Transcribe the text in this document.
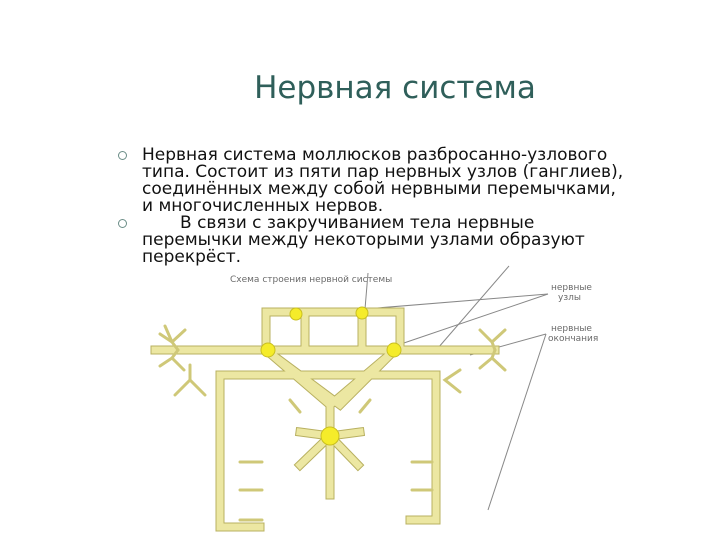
Нервная система
Нервная система моллюсков разбросанно-узлового
типа. Состоит из пяти пар нервных узлов (ганглиев),
соединённых между собой нервными перемычками,
и многочисленных нервов.
В связи с закручиванием тела нервные
перемычки между некоторыми узлами образуют
перекрёст.
Схема строения нервной системы
нервные
узлы
нервные
окончания
